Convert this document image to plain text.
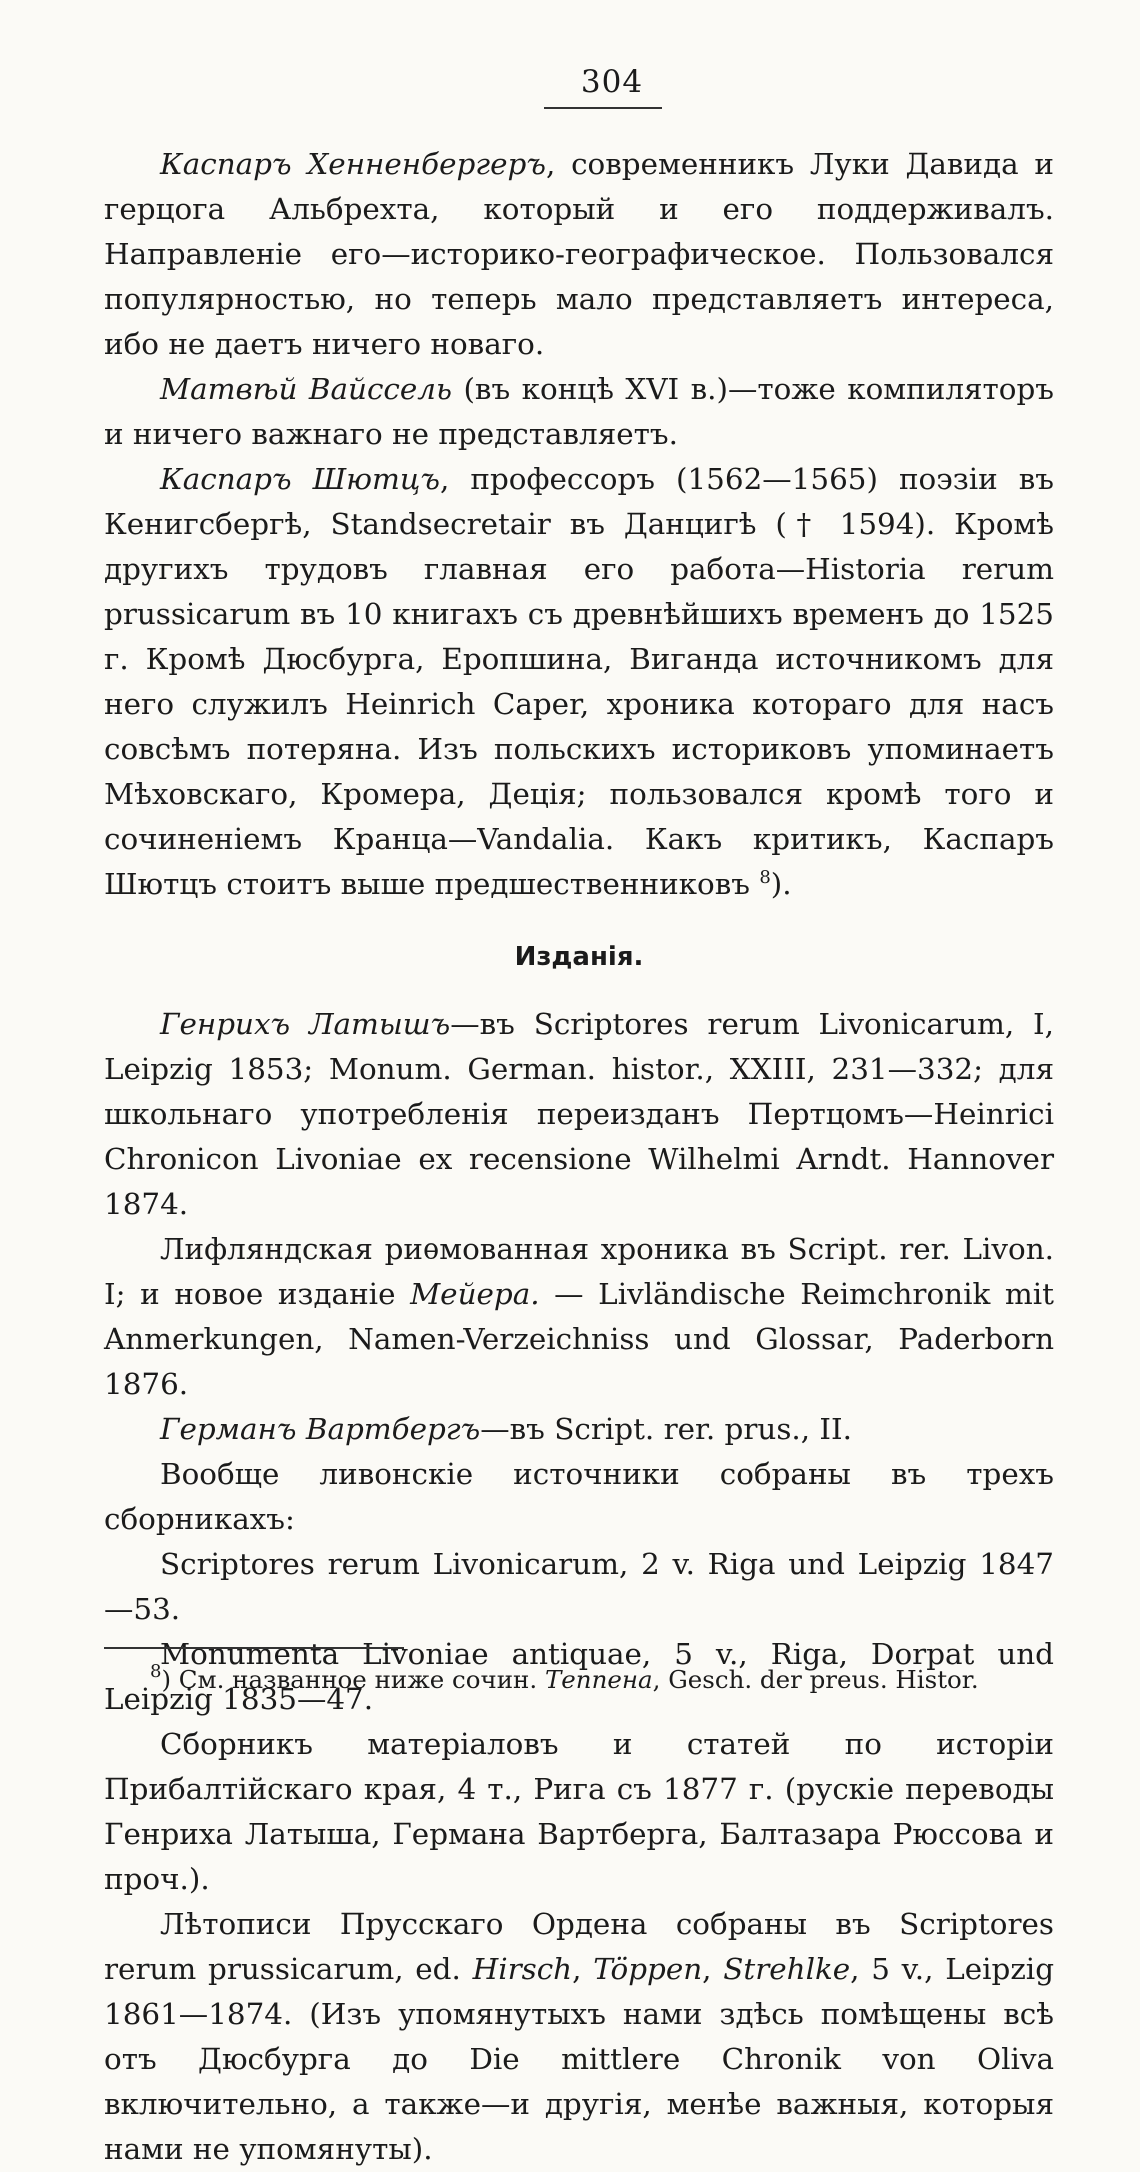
304

Каспаръ Хенненбергеръ, современникъ Луки Давида и герцога Альбрехта, который и его поддерживалъ. Направленіе его—историко-географическое. Пользовался популярностью, но теперь мало представляетъ интереса, ибо не даетъ ничего новаго.

Матвѣй Вайссель (въ концѣ XVI в.)—тоже компиляторъ и ничего важнаго не представляетъ.

Каспаръ Шютцъ, профессоръ (1562—1565) поэзіи въ Кенигсбергѣ, Standsecretair въ Данцигѣ († 1594). Кромѣ другихъ трудовъ главная его работа—Historia rerum prussicarum въ 10 книгахъ съ древнѣйшихъ временъ до 1525 г. Кромѣ Дюсбурга, Еропшина, Виганда источникомъ для него служилъ Heinrich Caper, хроника котораго для насъ совсѣмъ потеряна. Изъ польскихъ историковъ упоминаетъ Мѣховскаго, Кромера, Децiя; пользовался кромѣ того и сочиненіемъ Кранцa—Vandalia. Какъ критикъ, Каспаръ Шютцъ стоитъ выше предшественниковъ $^8$).

Изданія.

Генрихъ Латышъ—въ Scriptores rerum Livonicarum, I, Leipzig 1853; Monum. German. histor., XXIII, 231—332; для школьнаго употребленія переизданъ Пертцомъ—Heinrici Chronicon Livoniae ex recensione Wilhelmi Arndt. Hannover 1874.

Лифляндская риѳмованная хроника въ Script. rer. Livon. I; и новое изданіе Мейера. — Livländische Reimchronik mit Anmerkungen, Namen-Verzeichniss und Glossar, Paderborn 1876.

Германъ Вартбергъ—въ Script. rer. prus., II.

Вообще ливонскіе источники собраны въ трехъ сборникахъ:

Scriptores rerum Livonicarum, 2 v. Riga und Leipzig 1847—53.

Monumenta Livoniae antiquae, 5 v., Riga, Dorpat und Leipzig 1835—47.

Сборникъ матеріаловъ и статей по исторіи Прибалтійскаго края, 4 т., Рига съ 1877 г. (рускіе переводы Генриха Латыша, Германа Вартберга, Балтазара Рюссова и проч.).

Лѣтописи Прусскаго Ордена собраны въ Scriptores rerum prussicarum, ed. Hirsch, Töppen, Strehlke, 5 v., Leipzig 1861—1874. (Изъ упомянутыхъ нами здѣсь помѣщены всѣ отъ Дюсбурга до Die mittlere Chronik von Oliva включительно, а также—и другія, менѣе важныя, которыя нами не упомянуты).

$^8$) См. названное ниже сочин. Теппена, Gesch. der preus. Histor.
